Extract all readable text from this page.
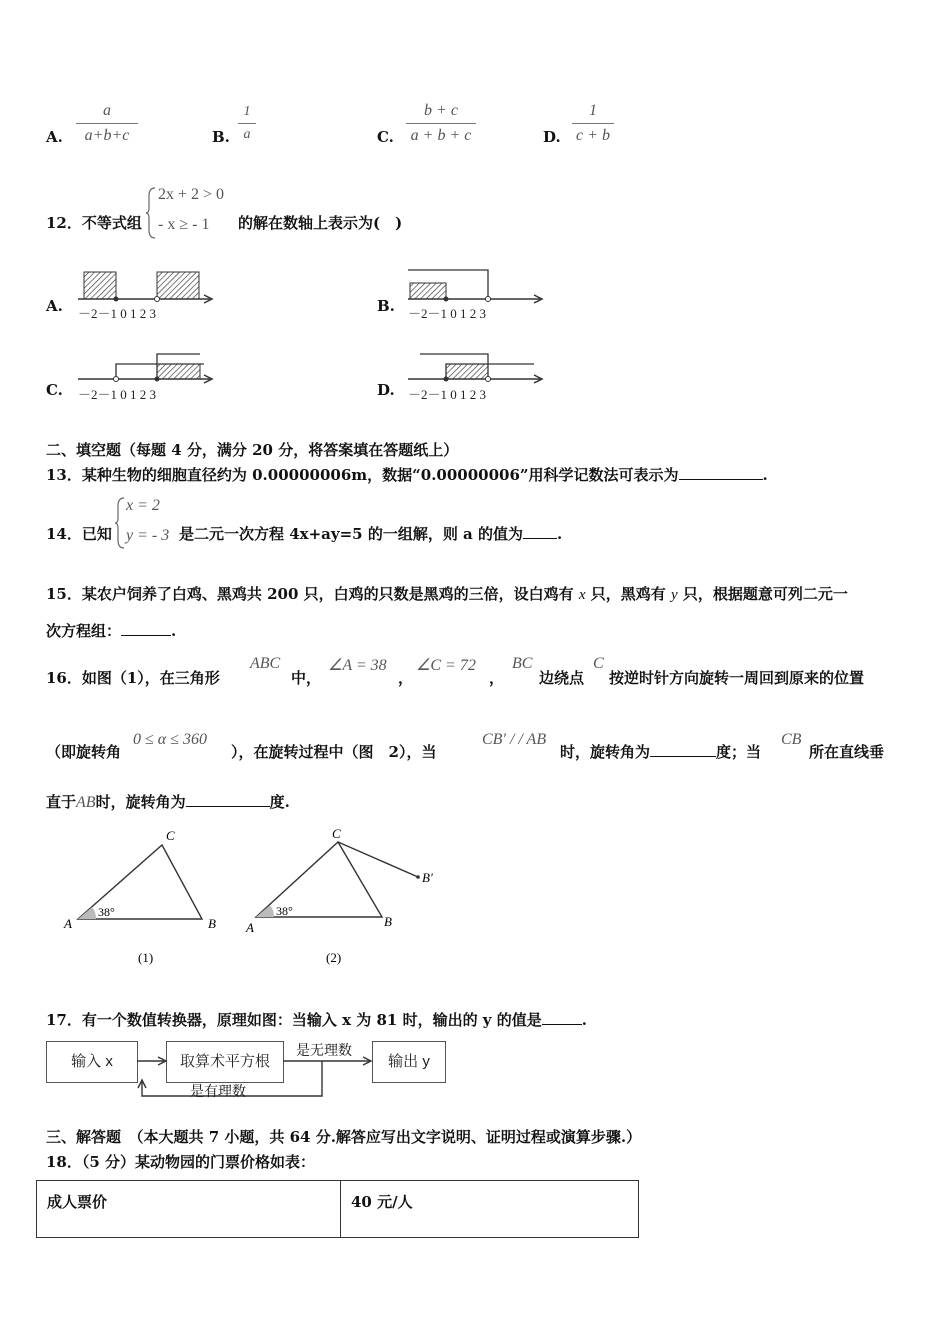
A.
a
a+b+c	B.
1
a	C.
b + c
a + b + c	D.
1
c + b
12．不等式组
2x + 2 > 0
- x ≥ - 1 的解在数轴上表示为(　)
A. －2－1 0 1 2 3	B. －2－1 0 1 2 3
C. －2－1 0 1 2 3	D. －2－1 0 1 2 3
二、填空题（每题 4 分，满分 20 分，将答案填在答题纸上）
13．某种生物的细胞直径约为 0.00000006m，数据“0.00000006”用科学记数法可表示为	.
14．已知
x = 2
y = - 3 是二元一次方程 4x+ay=5 的一组解，则 a 的值为 .
15．某农户饲养了白鸡、黑鸡共 200 只，白鸡的只数是黑鸡的三倍，设白鸡有 x 只，黑鸡有 y 只，根据题意可列二元一
次方程组：	.
16．如图（1），在三角形
ABC
中，
∠A = 38
，
∠C = 72
，
BC
边绕点
C
按逆时针方向旋转一周回到原来的位置
（即旋转角
0 ≤ α ≤ 360
），在旋转过程中（图　2），当
CB′ / / AB
时，旋转角为	度；当
CB
所在直线垂
直于AB时，旋转角为	度.
A
C
B
38°
(1)
A
C
B
B′
38°
(2)
17．有一个数值转换器，原理如图：当输入 x 为 81 时，输出的 y 的值是	.
输入 x	取算术平方根	输出 y
是无理数
是有理数
三、解答题　（本大题共 7 小题，共 64 分.解答应写出文字说明、证明过程或演算步骤.）
18．（5 分）某动物园的门票价格如表：
成人票价	40 元/人
